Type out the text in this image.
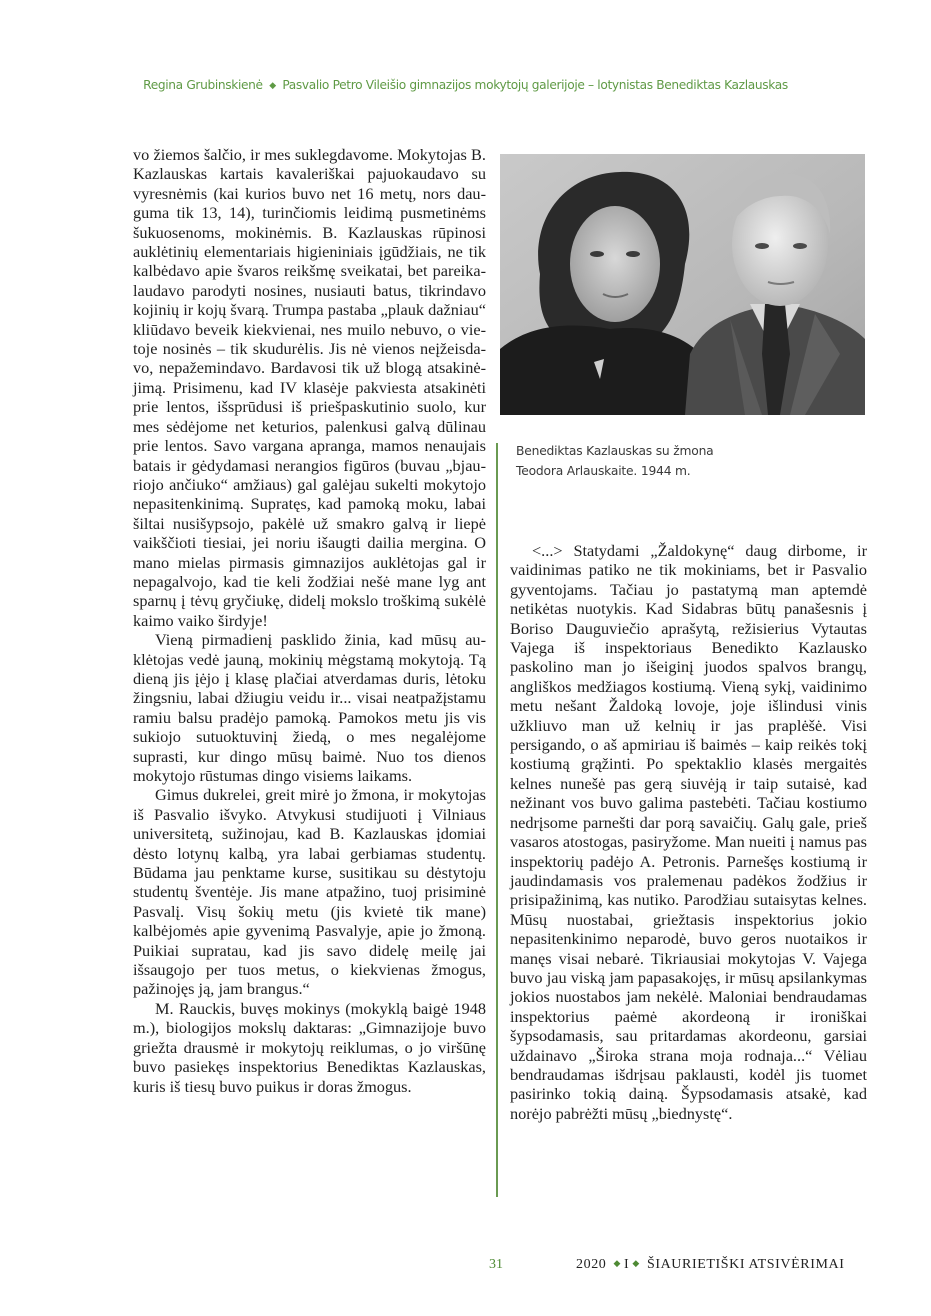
Regina Grubinskienė ◆ Pasvalio Petro Vileišio gimnazijos mokytojų galerijoje – lotynistas Benediktas Kazlauskas

vo žiemos šalčio, ir mes suklegdavome. Mokytojas B. Kazlauskas kartais kavaleriškai pajuokaudavo su vyresnėmis (kai kurios buvo net 16 metų, nors dauguma tik 13, 14), turinčiomis leidimą pusmetinėms šukuosenoms, mokinėmis. B. Kazlauskas rūpinosi auklėtinių elementariais higieniniais įgūdžiais, ne tik kalbėdavo apie švaros reikšmę sveikatai, bet pareikalaudavo parodyti nosines, nusiauti batus, tikrindavo kojinių ir kojų švarą. Trumpa pastaba „plauk dažniau“ kliūdavo beveik kiekvienai, nes muilo nebuvo, o vietoje nosinės – tik skudurėlis. Jis nė vienos neįžeisdavo, nepažemindavo. Bardavosi tik už blogą atsakinėjimą. Prisimenu, kad IV klasėje pakviesta atsakinėti prie lentos, išsprūdusi iš priešpaskutinio suolo, kur mes sėdėjome net keturios, palenkusi galvą dūlinau prie lentos. Savo vargana apranga, mamos nenaujais batais ir gėdydamasi nerangios figūros (buvau „bjauriojo ančiuko“ amžiaus) gal galėjau sukelti mokytojo nepasitenkinimą. Supratęs, kad pamoką moku, labai šiltai nusišypsojo, pakėlė už smakro galvą ir liepė vaikščioti tiesiai, jei noriu išaugti dailia mergina. O mano mielas pirmasis gimnazijos auklėtojas gal ir nepagalvojo, kad tie keli žodžiai nešė mane lyg ant sparnų į tėvų gryčiukę, didelį mokslo troškimą sukėlė kaimo vaiko širdyje!

Vieną pirmadienį pasklido žinia, kad mūsų auklėtojas vedė jauną, mokinių mėgstamą mokytoją. Tą dieną jis įėjo į klasę plačiai atverdamas duris, lėtoku žingsniu, labai džiugiu veidu ir... visai neatpažįstamu ramiu balsu pradėjo pamoką. Pamokos metu jis vis sukiojo sutuoktuvinį žiedą, o mes negalėjome suprasti, kur dingo mūsų baimė. Nuo tos dienos mokytojo rūstumas dingo visiems laikams.

Gimus dukrelei, greit mirė jo žmona, ir mokytojas iš Pasvalio išvyko. Atvykusi studijuoti į Vilniaus universitetą, sužinojau, kad B. Kazlauskas įdomiai dėsto lotynų kalbą, yra labai gerbiamas studentų. Būdama jau penktame kurse, susitikau su dėstytoju studentų šventėje. Jis mane atpažino, tuoj prisiminė Pasvalį. Visų šokių metu (jis kvietė tik mane) kalbėjomės apie gyvenimą Pasvalyje, apie jo žmoną. Puikiai supratau, kad jis savo didelę meilę jai išsaugojo per tuos metus, o kiekvienas žmogus, pažinojęs ją, jam brangus.“

M. Rauckis, buvęs mokinys (mokyklą baigė 1948 m.), biologijos mokslų daktaras: „Gimnazijoje buvo griežta drausmė ir mokytojų reiklumas, o jo viršūnę buvo pasiekęs inspektorius Benediktas Kazlauskas, kuris iš tiesų buvo puikus ir doras žmogus.

Benediktas Kazlauskas su žmona
Teodora Arlauskaite. 1944 m.

<...> Statydami „Žaldokynę“ daug dirbome, ir vaidinimas patiko ne tik mokiniams, bet ir Pasvalio gyventojams. Tačiau jo pastatymą man aptemdė netikėtas nuotykis. Kad Sidabras būtų panašesnis į Boriso Dauguviečio aprašytą, režisierius Vytautas Vajega iš inspektoriaus Benedikto Kazlausko paskolino man jo išeiginį juodos spalvos brangų, angliškos medžiagos kostiumą. Vieną sykį, vaidinimo metu nešant Žaldoką lovoje, joje išlindusi vinis užkliuvo man už kelnių ir jas praplėšė. Visi persigando, o aš apmiriau iš baimės – kaip reikės tokį kostiumą grąžinti. Po spektaklio klasės mergaitės kelnes nunešė pas gerą siuvėją ir taip sutaisė, kad nežinant vos buvo galima pastebėti. Tačiau kostiumo nedrįsome parnešti dar porą savaičių. Galų gale, prieš vasaros atostogas, pasiryžome. Man nueiti į namus pas inspektorių padėjo A. Petronis. Parnešęs kostiumą ir jaudindamasis vos pralemenau padėkos žodžius ir prisipažinimą, kas nutiko. Parodžiau sutaisytas kelnes. Mūsų nuostabai, griežtasis inspektorius jokio nepasitenkinimo neparodė, buvo geros nuotaikos ir manęs visai nebarė. Tikriausiai mokytojas V. Vajega buvo jau viską jam papasakojęs, ir mūsų apsilankymas jokios nuostabos jam nekėlė. Maloniai bendraudamas inspektorius paėmė akordeoną ir ironiškai šypsodamasis, sau pritardamas akordeonu, garsiai uždainavo „Široka strana moja rodnaja...“ Vėliau bendraudamas išdrįsau paklausti, kodėl jis tuomet pasirinko tokią dainą. Šypsodamasis atsakė, kad norėjo pabrėžti mūsų „biednystę“.

31	2020 ◆ I ◆ ŠIAURIETIŠKI ATSIVĖRIMAI
